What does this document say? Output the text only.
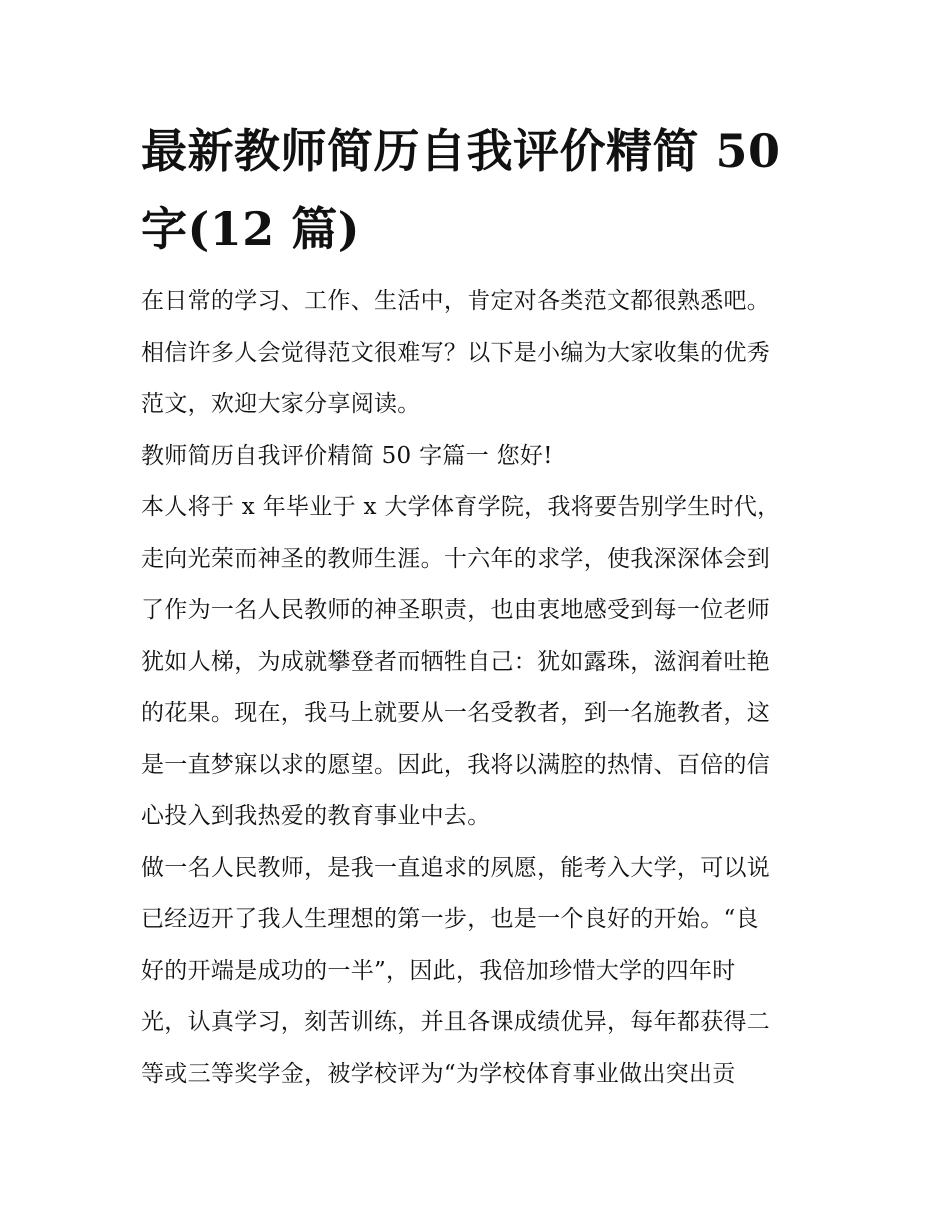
最新教师简历自我评价精简 50
字(12 篇)

在日常的学习、工作、生活中，肯定对各类范文都很熟悉吧。
相信许多人会觉得范文很难写？以下是小编为大家收集的优秀
范文，欢迎大家分享阅读。

教师简历自我评价精简 50 字篇一 您好!

本人将于 x 年毕业于 x 大学体育学院，我将要告别学生时代，
走向光荣而神圣的教师生涯。十六年的求学，使我深深体会到
了作为一名人民教师的神圣职责，也由衷地感受到每一位老师
犹如人梯，为成就攀登者而牺牲自己：犹如露珠，滋润着吐艳
的花果。现在，我马上就要从一名受教者，到一名施教者，这
是一直梦寐以求的愿望。因此，我将以满腔的热情、百倍的信
心投入到我热爱的教育事业中去。

做一名人民教师，是我一直追求的夙愿，能考入大学，可以说
已经迈开了我人生理想的第一步，也是一个良好的开始。“良
好的开端是成功的一半”，因此，我倍加珍惜大学的四年时
光，认真学习，刻苦训练，并且各课成绩优异，每年都获得二
等或三等奖学金，被学校评为“为学校体育事业做出突出贡
